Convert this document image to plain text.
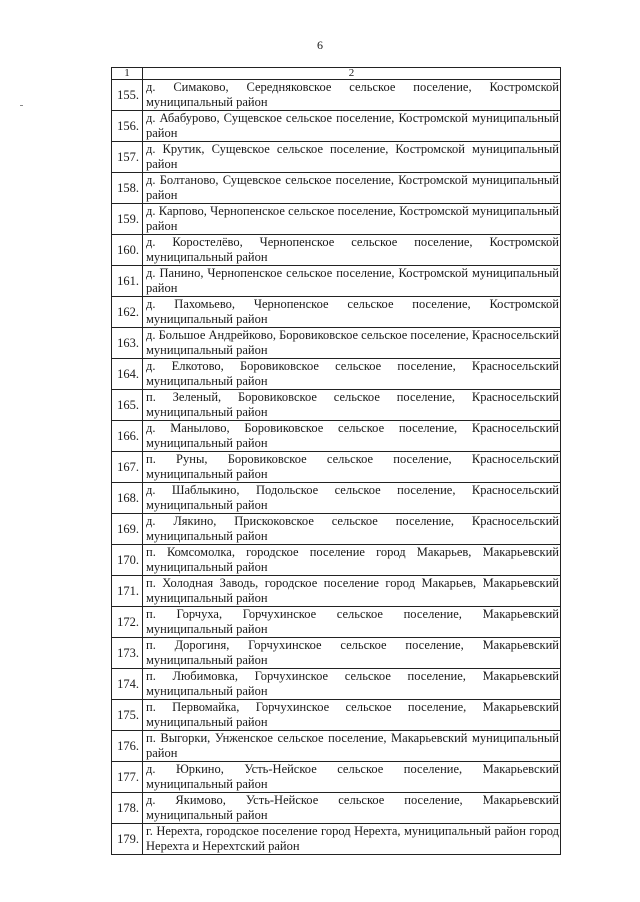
6
1	2
155.	д. Симаково, Середняковское сельское поселение, Костромской муниципальный район

156.	д. Абабурово, Сущевское сельское поселение, Костромской муниципальный район

157.	д. Крутик, Сущевское сельское поселение, Костромской муниципальный район

158.	д. Болтаново, Сущевское сельское поселение, Костромской муниципальный район

159.	д. Карпово, Чернопенское сельское поселение, Костромской муниципальный район

160.	д. Коростелёво, Чернопенское сельское поселение, Костромской муниципальный район

161.	д. Панино, Чернопенское сельское поселение, Костромской муниципальный район

162.	д. Пахомьево, Чернопенское сельское поселение, Костромской муниципальный район

163.	д. Большое Андрейково, Боровиковское сельское поселение, Красносельский муниципальный район

164.	д. Елкотово, Боровиковское сельское поселение, Красносельский муниципальный район

165.	п. Зеленый, Боровиковское сельское поселение, Красносельский муниципальный район

166.	д. Манылово, Боровиковское сельское поселение, Красносельский муниципальный район

167.	п. Руны, Боровиковское сельское поселение, Красносельский муниципальный район

168.	д. Шаблыкино, Подольское сельское поселение, Красносельский муниципальный район

169.	д. Лякино, Прискоковское сельское поселение, Красносельский муниципальный район

170.	п. Комсомолка, городское поселение город Макарьев, Макарьевский муниципальный район

171.	п. Холодная Заводь, городское поселение город Макарьев, Макарьевский муниципальный район

172.	п. Горчуха, Горчухинское сельское поселение, Макарьевский муниципальный район

173.	п. Дорогиня, Горчухинское сельское поселение, Макарьевский муниципальный район

174.	п. Любимовка, Горчухинское сельское поселение, Макарьевский муниципальный район

175.	п. Первомайка, Горчухинское сельское поселение, Макарьевский муниципальный район

176.	п. Выгорки, Унженское сельское поселение, Макарьевский муниципальный район

177.	д. Юркино, Усть-Нейское сельское поселение, Макарьевский муниципальный район

178.	д. Якимово, Усть-Нейское сельское поселение, Макарьевский муниципальный район

179.	г. Нерехта, городское поселение город Нерехта, муниципальный район город Нерехта и Нерехтский район
